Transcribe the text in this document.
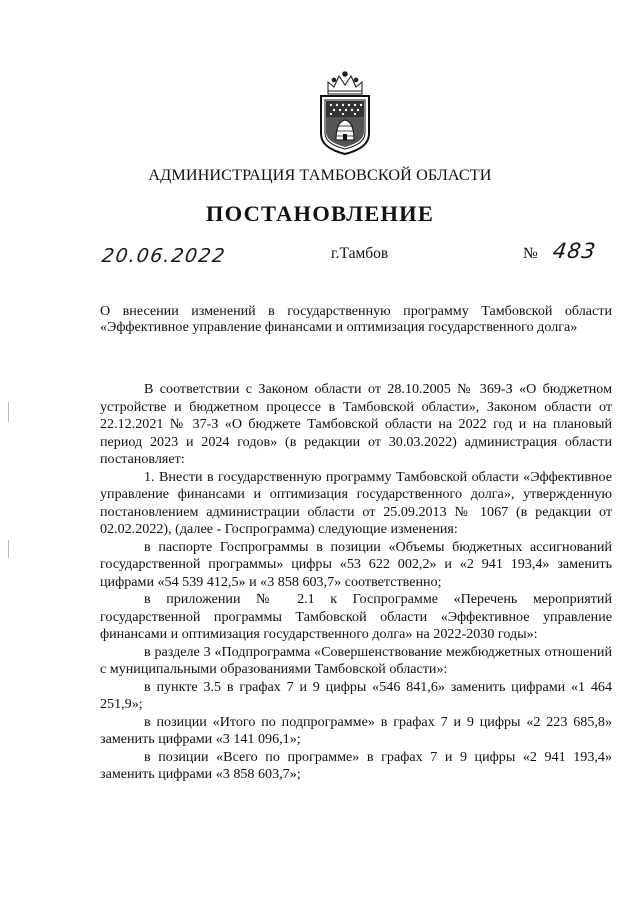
АДМИНИСТРАЦИЯ ТАМБОВСКОЙ ОБЛАСТИ
ПОСТАНОВЛЕНИЕ
20.06.2022	г.Тамбов	№ 483
О внесении изменений в государственную программу Тамбовской области «Эффективное управление финансами и оптимизация государственного долга»

В соответствии с Законом области от 28.10.2005 № 369-З «О бюджетном устройстве и бюджетном процессе в Тамбовской области», Законом области от 22.12.2021 № 37-З «О бюджете Тамбовской области на 2022 год и на плановый период 2023 и 2024 годов» (в редакции от 30.03.2022) администрация области постановляет:

1. Внести в государственную программу Тамбовской области «Эффективное управление финансами и оптимизация государственного долга», утвержденную постановлением администрации области от 25.09.2013 № 1067 (в редакции от 02.02.2022), (далее - Госпрограмма) следующие изменения:

в паспорте Госпрограммы в позиции «Объемы бюджетных ассигнований государственной программы» цифры «53 622 002,2» и «2 941 193,4» заменить цифрами «54 539 412,5» и «3 858 603,7» соответственно;

в приложении № 2.1 к Госпрограмме «Перечень мероприятий государственной программы Тамбовской области «Эффективное управление финансами и оптимизация государственного долга» на 2022-2030 годы»:

в разделе 3 «Подпрограмма «Совершенствование межбюджетных отношений с муниципальными образованиями Тамбовской области»:

в пункте 3.5 в графах 7 и 9 цифры «546 841,6» заменить цифрами «1 464 251,9»;

в позиции «Итого по подпрограмме» в графах 7 и 9 цифры «2 223 685,8» заменить цифрами «3 141 096,1»;

в позиции «Всего по программе» в графах 7 и 9 цифры «2 941 193,4» заменить цифрами «3 858 603,7»;
